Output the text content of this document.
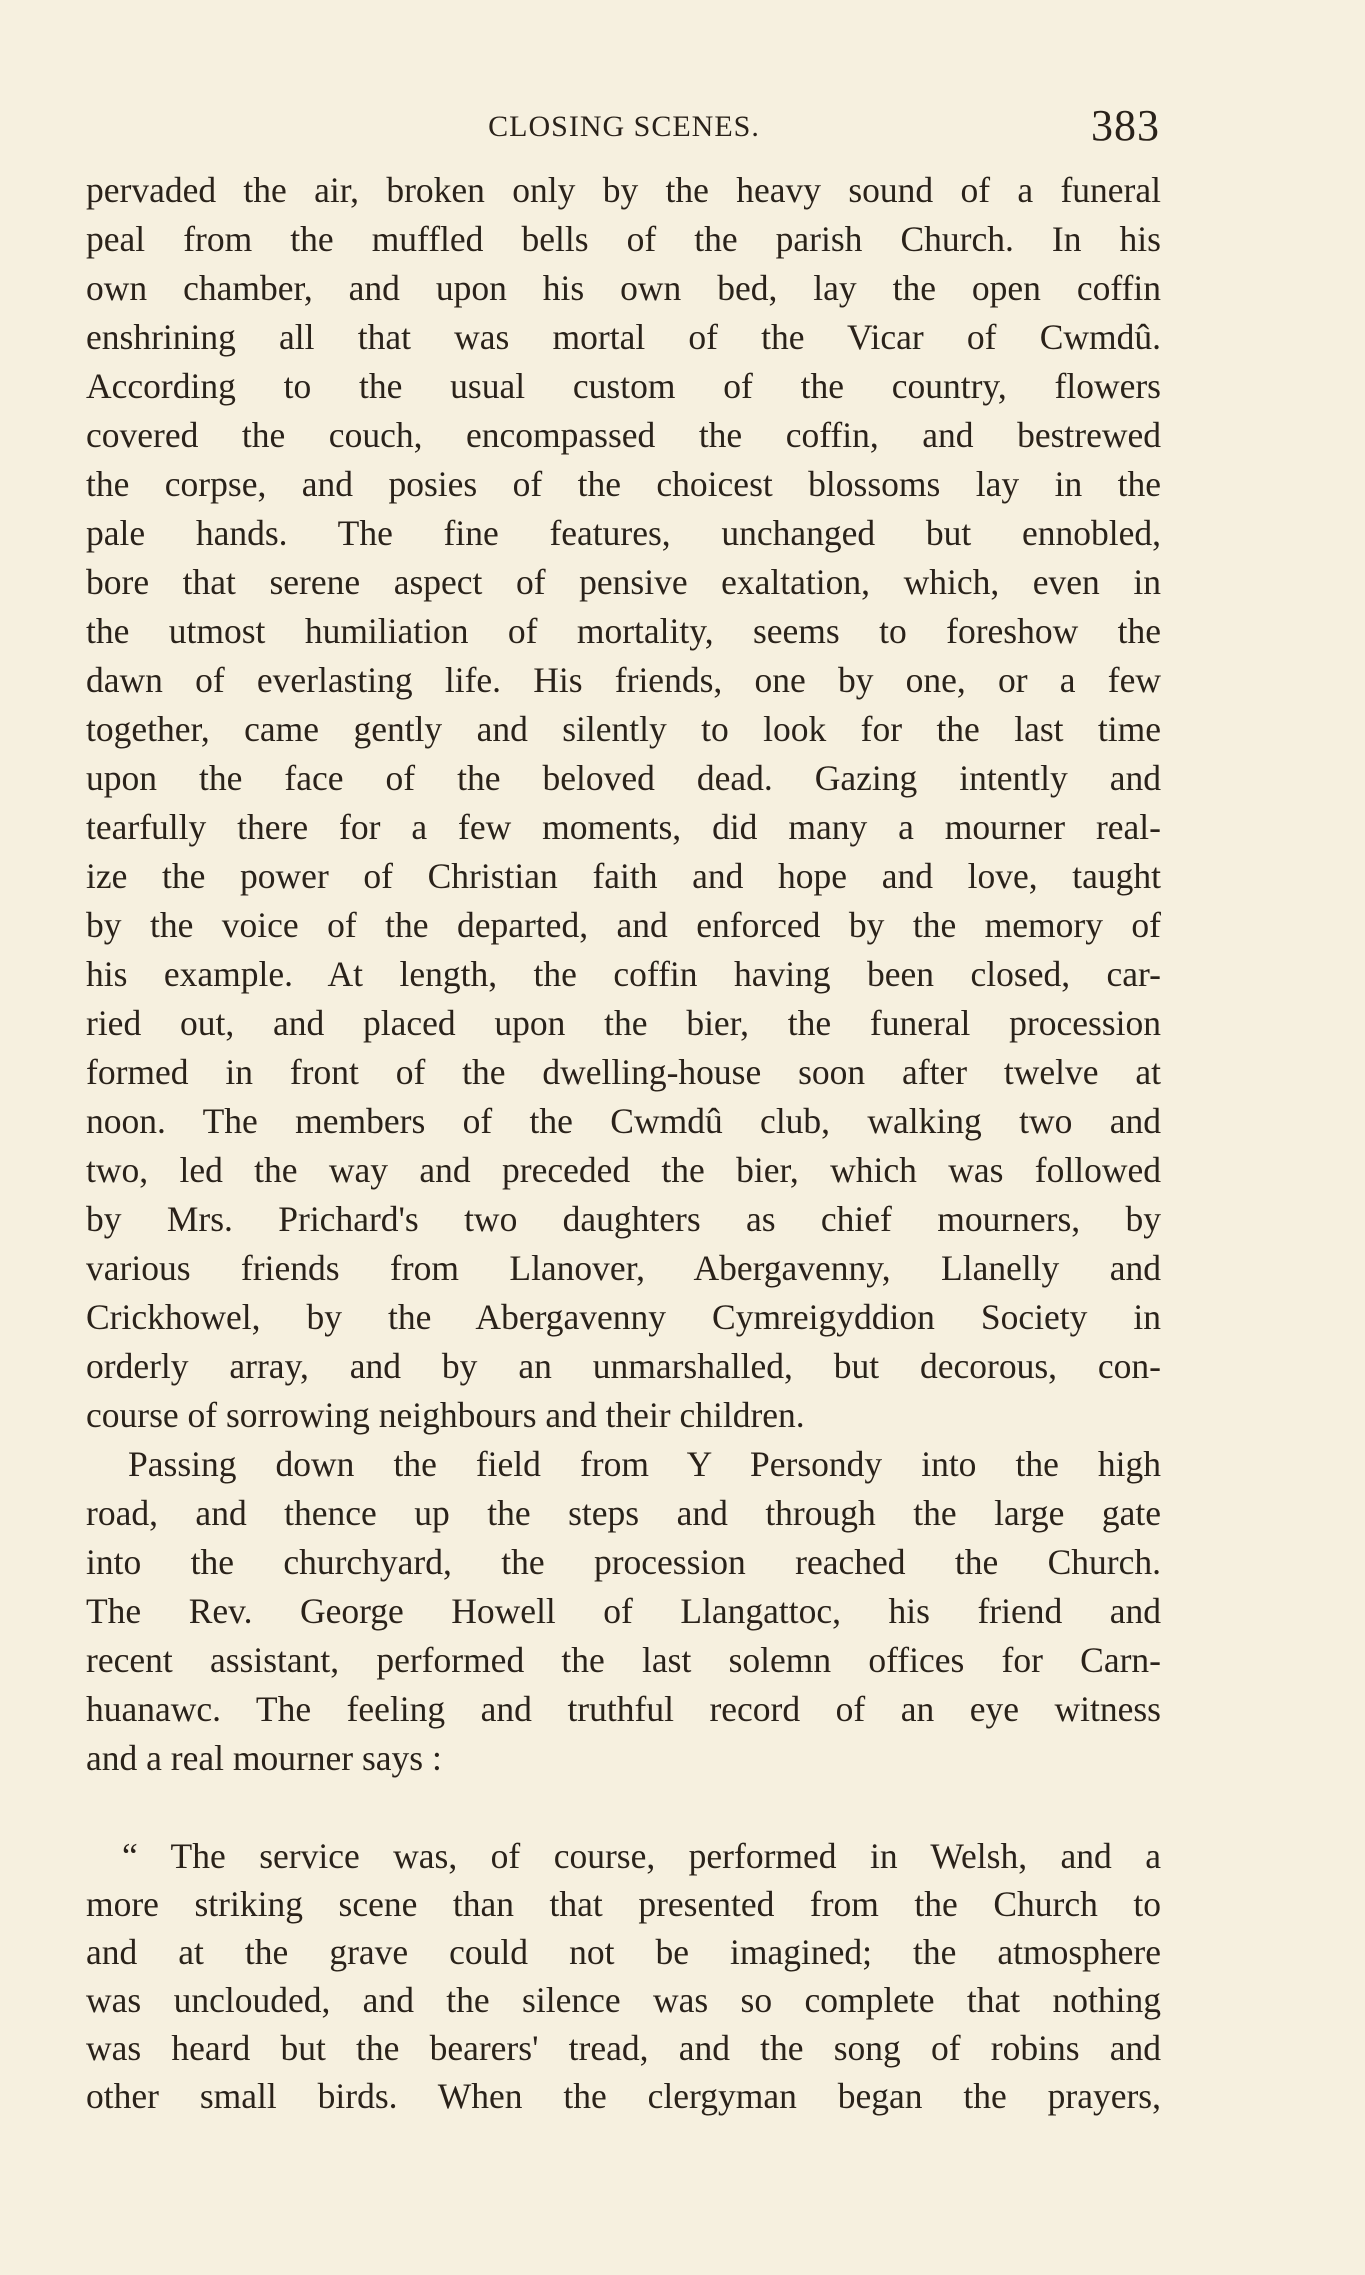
CLOSING SCENES.	383
pervaded the air, broken only by the heavy sound of a funeral
peal from the muffled bells of the parish Church. In his
own chamber, and upon his own bed, lay the open coffin
enshrining all that was mortal of the Vicar of Cwmdû.
According to the usual custom of the country, flowers
covered the couch, encompassed the coffin, and bestrewed
the corpse, and posies of the choicest blossoms lay in the
pale hands. The fine features, unchanged but ennobled,
bore that serene aspect of pensive exaltation, which, even in
the utmost humiliation of mortality, seems to foreshow the
dawn of everlasting life. His friends, one by one, or a few
together, came gently and silently to look for the last time
upon the face of the beloved dead. Gazing intently and
tearfully there for a few moments, did many a mourner real-
ize the power of Christian faith and hope and love, taught
by the voice of the departed, and enforced by the memory of
his example. At length, the coffin having been closed, car-
ried out, and placed upon the bier, the funeral procession
formed in front of the dwelling-house soon after twelve at
noon. The members of the Cwmdû club, walking two and
two, led the way and preceded the bier, which was followed
by Mrs. Prichard's two daughters as chief mourners, by
various friends from Llanover, Abergavenny, Llanelly and
Crickhowel, by the Abergavenny Cymreigyddion Society in
orderly array, and by an unmarshalled, but decorous, con-
course of sorrowing neighbours and their children.
Passing down the field from Y Persondy into the high
road, and thence up the steps and through the large gate
into the churchyard, the procession reached the Church.
The Rev. George Howell of Llangattoc, his friend and
recent assistant, performed the last solemn offices for Carn-
huanawc. The feeling and truthful record of an eye witness
and a real mourner says :
“ The service was, of course, performed in Welsh, and a
more striking scene than that presented from the Church to
and at the grave could not be imagined; the atmosphere
was unclouded, and the silence was so complete that nothing
was heard but the bearers' tread, and the song of robins and
other small birds. When the clergyman began the prayers,
